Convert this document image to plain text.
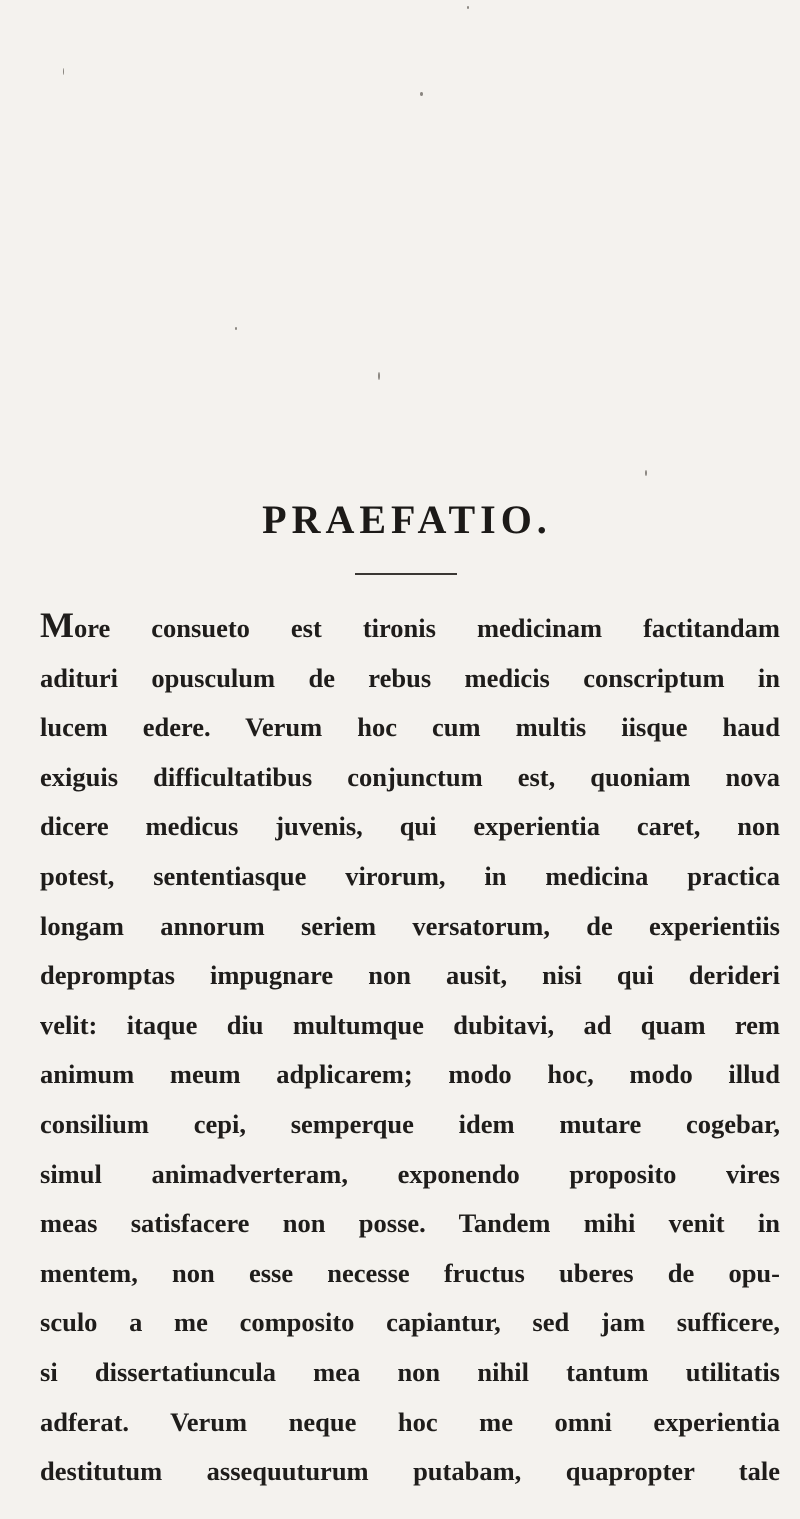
PRAEFATIO.
More consueto est tironis medicinam factitandam
adituri opusculum de rebus medicis conscriptum in
lucem edere. Verum hoc cum multis iisque haud
exiguis difficultatibus conjunctum est, quoniam nova
dicere medicus juvenis, qui experientia caret, non
potest, sententiasque virorum, in medicina practica
longam annorum seriem versatorum, de experientiis
depromptas impugnare non ausit, nisi qui derideri
velit: itaque diu multumque dubitavi, ad quam rem
animum meum adplicarem; modo hoc, modo illud
consilium cepi, semperque idem mutare cogebar,
simul animadverteram, exponendo proposito vires
meas satisfacere non posse. Tandem mihi venit in
mentem, non esse necesse fructus uberes de opu-
sculo a me composito capiantur, sed jam sufficere,
si dissertatiuncula mea non nihil tantum utilitatis
adferat. Verum neque hoc me omni experientia
destitutum assequuturum putabam, quapropter tale
